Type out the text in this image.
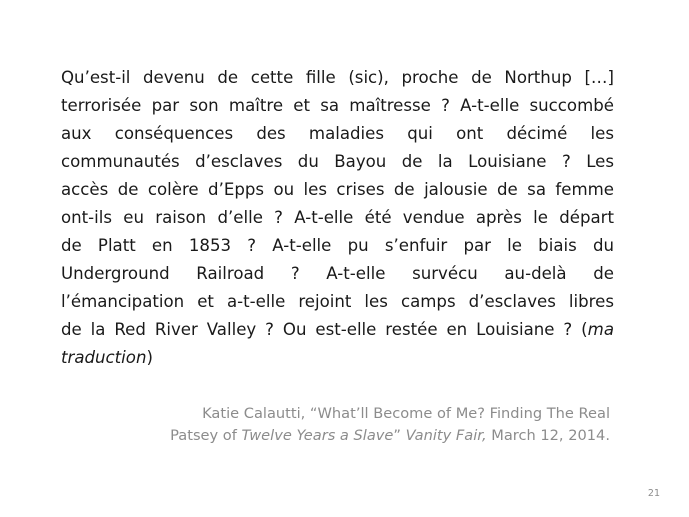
Qu’est-il devenu de cette fille (sic), proche de Northup […]
terrorisée par son maître et sa maîtresse ? A-t-elle succombé
aux conséquences des maladies qui ont décimé les
communautés d’esclaves du Bayou de la Louisiane ? Les
accès de colère d’Epps ou les crises de jalousie de sa femme
ont-ils eu raison d’elle ? A-t-elle été vendue après le départ
de Platt en 1853 ? A-t-elle pu s’enfuir par le biais du
Underground Railroad ? A-t-elle survécu au-delà de
l’émancipation et a-t-elle rejoint les camps d’esclaves libres
de la Red River Valley ? Ou est-elle restée en Louisiane ? (ma
traduction)
Katie Calautti, “What’ll Become of Me? Finding The Real
Patsey of Twelve Years a Slave” Vanity Fair, March 12, 2014.
21
